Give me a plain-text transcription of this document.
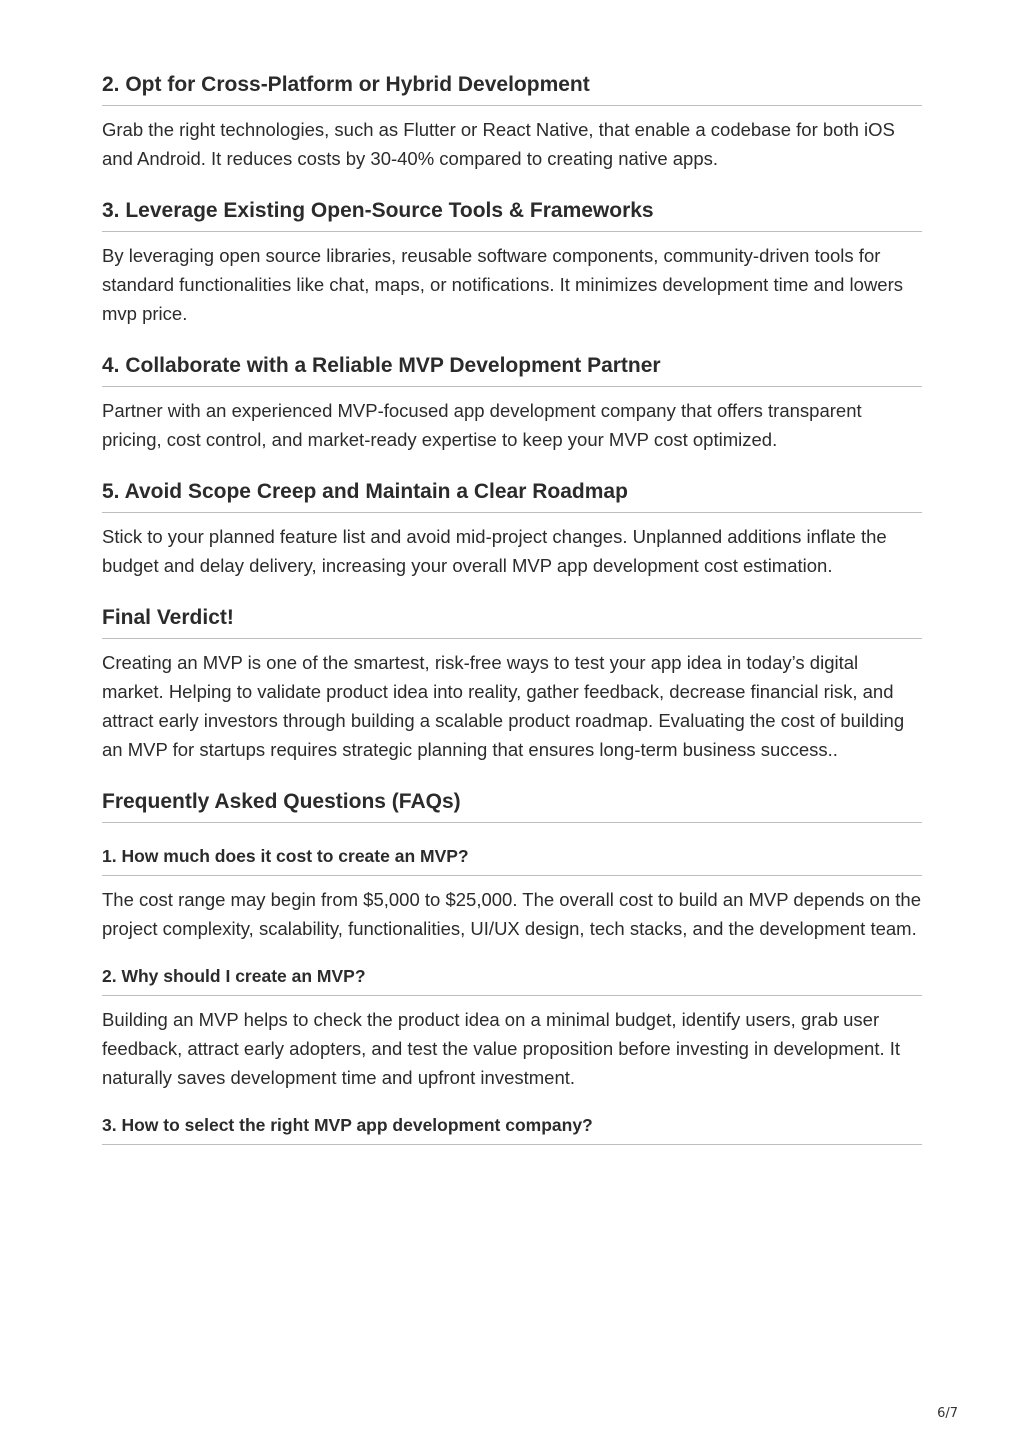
2. Opt for Cross-Platform or Hybrid Development

Grab the right technologies, such as Flutter or React Native, that enable a codebase for both iOS and Android. It reduces costs by 30-40% compared to creating native apps.

3. Leverage Existing Open-Source Tools & Frameworks

By leveraging open source libraries, reusable software components, community-driven tools for standard functionalities like chat, maps, or notifications. It minimizes development time and lowers mvp price.

4. Collaborate with a Reliable MVP Development Partner

Partner with an experienced MVP-focused app development company that offers transparent pricing, cost control, and market-ready expertise to keep your MVP cost optimized.

5. Avoid Scope Creep and Maintain a Clear Roadmap

Stick to your planned feature list and avoid mid-project changes. Unplanned additions inflate the budget and delay delivery, increasing your overall MVP app development cost estimation.

Final Verdict!

Creating an MVP is one of the smartest, risk-free ways to test your app idea in today’s digital market. Helping to validate product idea into reality, gather feedback, decrease financial risk, and attract early investors through building a scalable product roadmap. Evaluating the cost of building an MVP for startups requires strategic planning that ensures long-term business success..

Frequently Asked Questions (FAQs)
1. How much does it cost to create an MVP?

The cost range may begin from $5,000 to $25,000. The overall cost to build an MVP depends on the project complexity, scalability, functionalities, UI/UX design, tech stacks, and the development team.

2. Why should I create an MVP?

Building an MVP helps to check the product idea on a minimal budget, identify users, grab user feedback, attract early adopters, and test the value proposition before investing in development. It naturally saves development time and upfront investment.

3. How to select the right MVP app development company?
6/7
